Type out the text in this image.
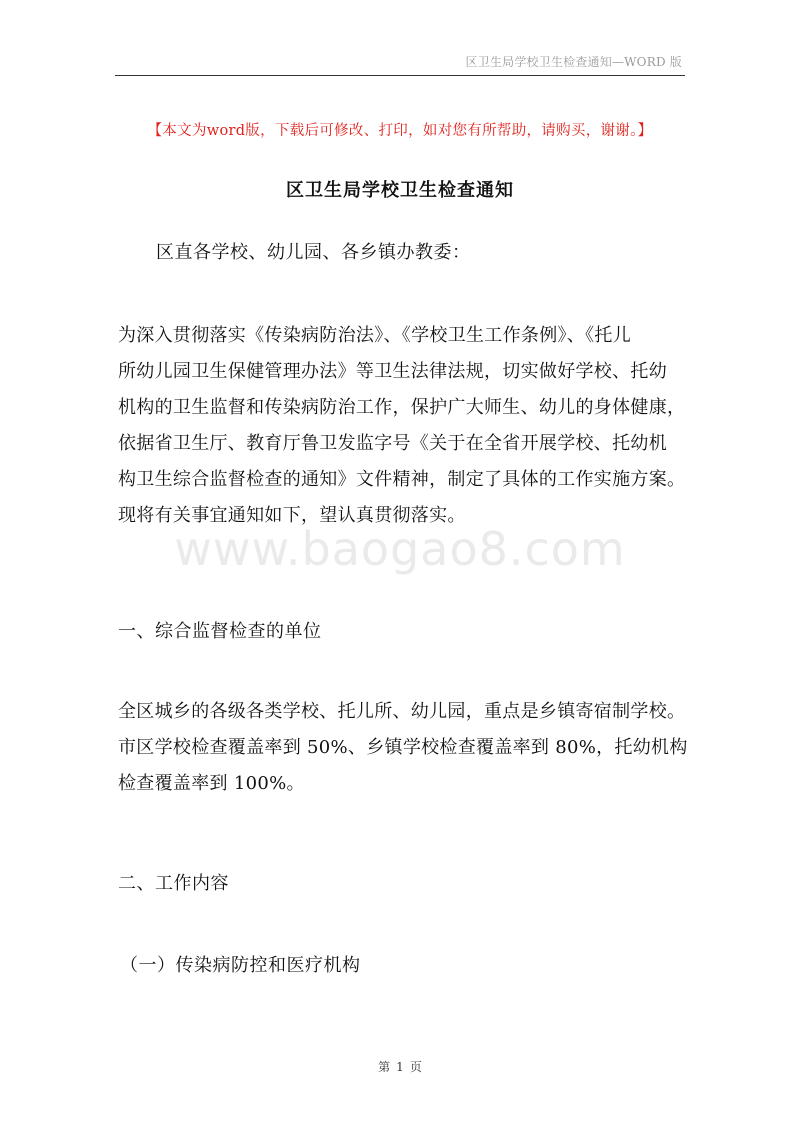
区卫生局学校卫生检查通知—WORD 版
【本文为word版，下载后可修改、打印，如对您有所帮助，请购买，谢谢。】
区卫生局学校卫生检查通知
区直各学校、幼儿园、各乡镇办教委：
为深入贯彻落实《传染病防治法》、《学校卫生工作条例》、《托儿
所幼儿园卫生保健管理办法》等卫生法律法规，切实做好学校、托幼
机构的卫生监督和传染病防治工作，保护广大师生、幼儿的身体健康，
依据省卫生厅、教育厅鲁卫发监字号《关于在全省开展学校、托幼机
构卫生综合监督检查的通知》文件精神，制定了具体的工作实施方案。
现将有关事宜通知如下，望认真贯彻落实。
www.baogao8.com
一、综合监督检查的单位
全区城乡的各级各类学校、托儿所、幼儿园，重点是乡镇寄宿制学校。
市区学校检查覆盖率到 50%、乡镇学校检查覆盖率到 80%，托幼机构
检查覆盖率到 100%。
二、工作内容
（一）传染病防控和医疗机构
第 1 页
